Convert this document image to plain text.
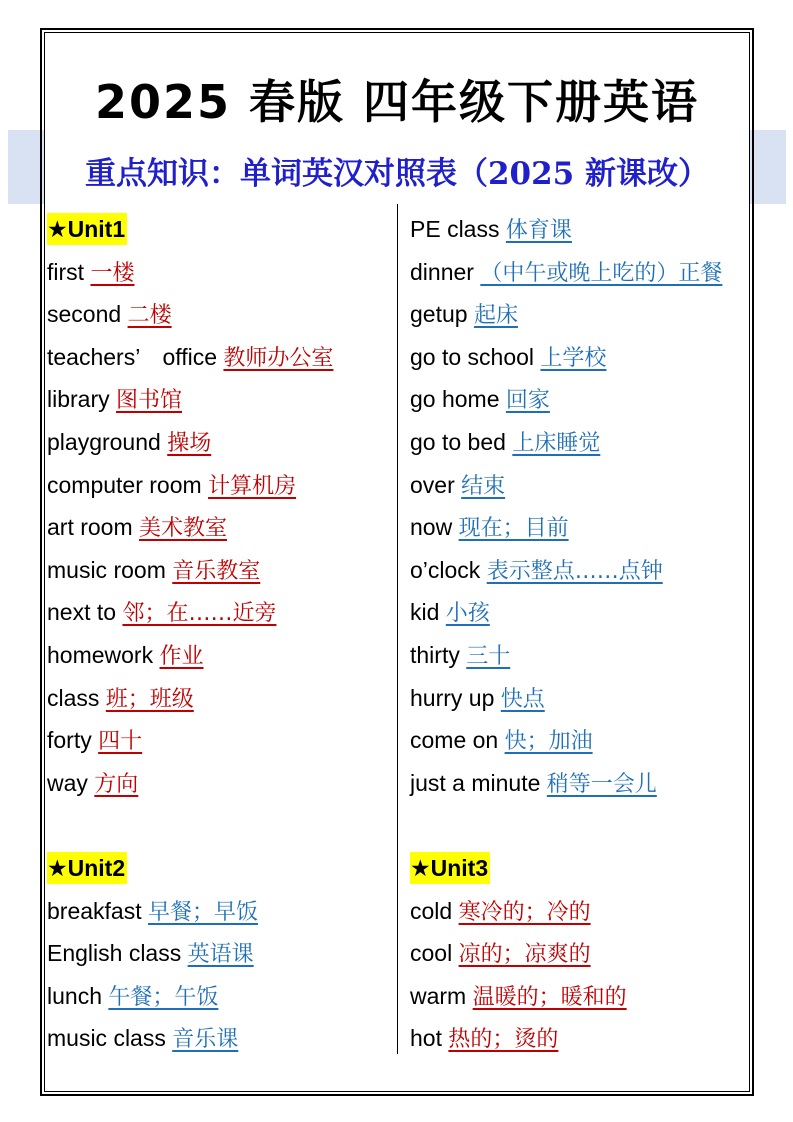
2025 春版 四年级下册英语
重点知识：单词英汉对照表（2025 新课改）
★Unit1
first 一楼
second 二楼
teachers’　office 教师办公室
library 图书馆
playground 操场
computer room 计算机房
art room 美术教室
music room 音乐教室
next to 邻；在……近旁
homework 作业
class 班；班级
forty 四十
way 方向
★Unit2
breakfast 早餐；早饭
English class 英语课
lunch 午餐；午饭
music class 音乐课
PE class 体育课
dinner （中午或晚上吃的）正餐
getup 起床
go to school 上学校
go home 回家
go to bed 上床睡觉
over 结束
now 现在；目前
o’clock 表示整点……点钟
kid 小孩
thirty 三十
hurry up 快点
come on 快；加油
just a minute 稍等一会儿
★Unit3
cold 寒冷的；冷的
cool 凉的；凉爽的
warm 温暖的；暖和的
hot 热的；烫的
